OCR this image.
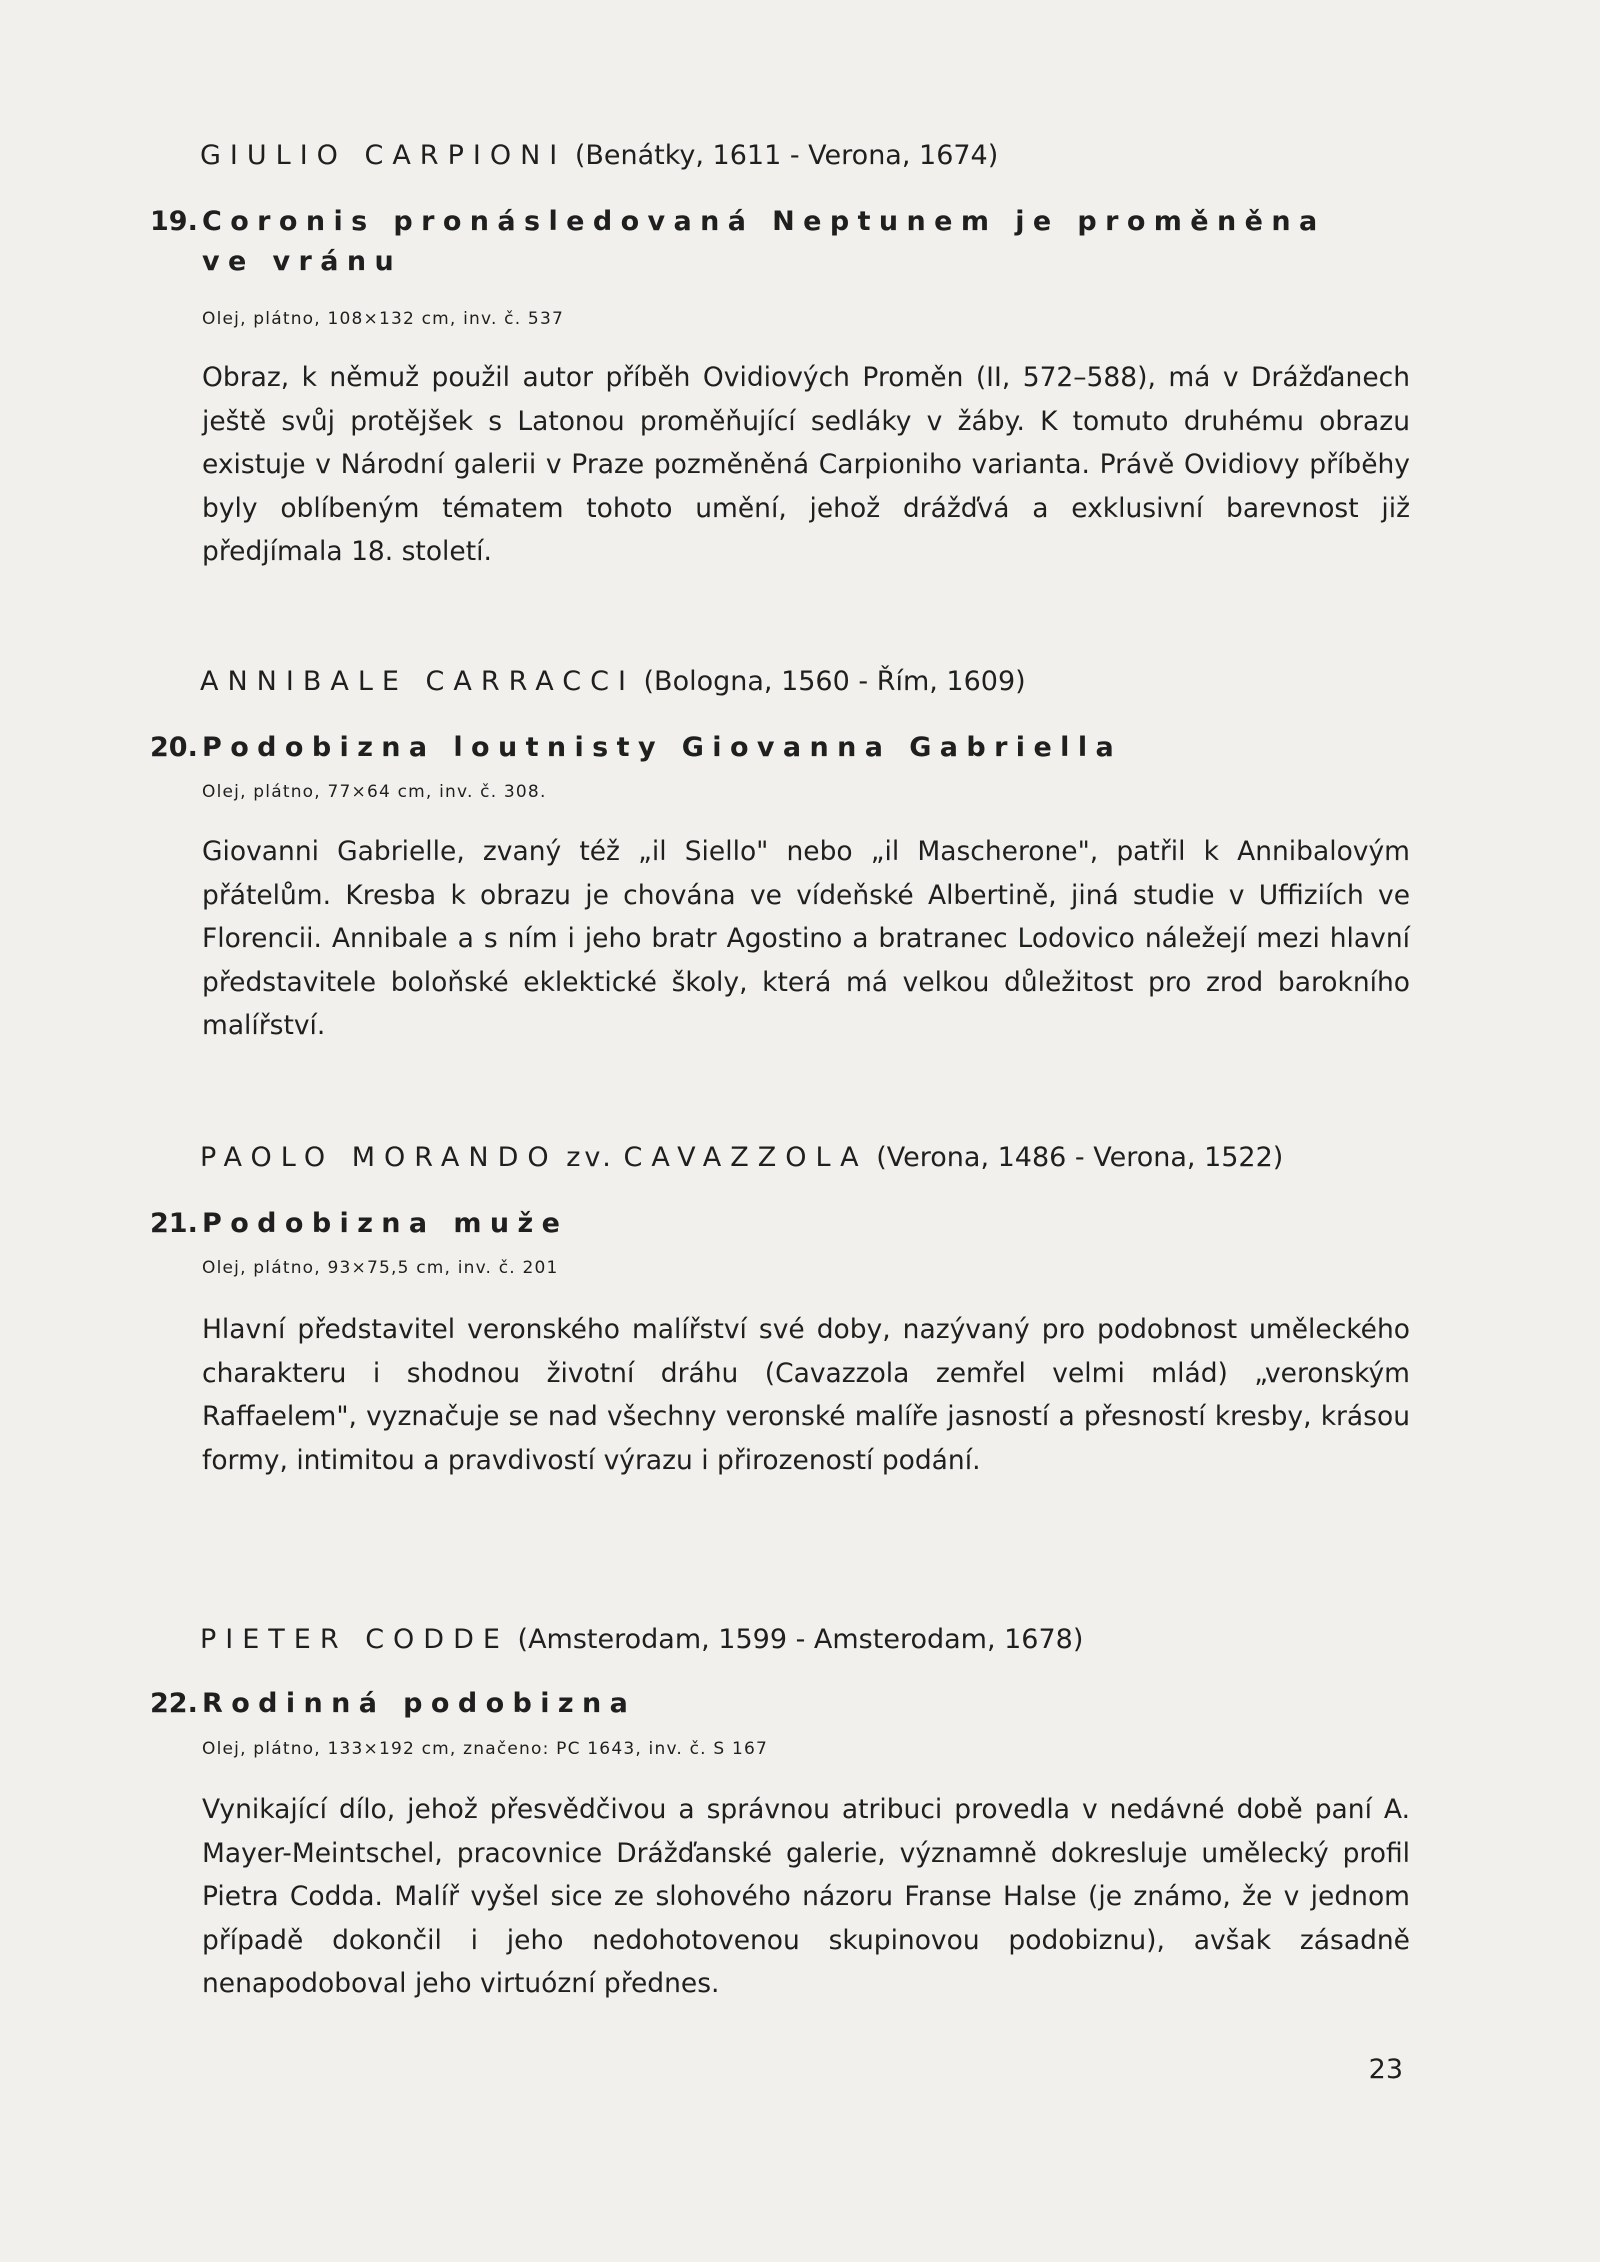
GIULIO CARPIONI (Benátky, 1611 - Verona, 1674)
19. Coronis pronásledovaná Neptunem je proměněna
ve vránu
Olej, plátno, 108×132 cm, inv. č. 537
Obraz, k němuž použil autor příběh Ovidiových Proměn (II, 572–588), má v Drážďanech ještě svůj protějšek s Latonou proměňující sedláky v žáby. K tomuto druhému obrazu existuje v Národní galerii v Praze pozměněná Carpioniho varianta. Právě Ovidiovy příběhy byly oblíbeným tématem tohoto umění, jehož drážďvá a exklusivní barevnost již předjímala 18. století.
ANNIBALE CARRACCI (Bologna, 1560 - Řím, 1609)
20. Podobizna loutnisty Giovanna Gabriella
Olej, plátno, 77×64 cm, inv. č. 308.
Giovanni Gabrielle, zvaný též „il Siello" nebo „il Mascherone", patřil k Annibalovým přátelům. Kresba k obrazu je chována ve vídeňské Albertině, jiná studie v Uffiziích ve Florencii. Annibale a s ním i jeho bratr Agostino a bratranec Lodovico náležejí mezi hlavní představitele boloňské eklektické školy, která má velkou důležitost pro zrod barokního malířství.
PAOLO MORANDO zv. CAVAZZOLA (Verona, 1486 - Verona, 1522)
21. Podobizna muže
Olej, plátno, 93×75,5 cm, inv. č. 201
Hlavní představitel veronského malířství své doby, nazývaný pro podobnost uměleckého charakteru i shodnou životní dráhu (Cavazzola zemřel velmi mlád) „veronským Raffaelem", vyznačuje se nad všechny veronské malíře jasností a přesností kresby, krásou formy, intimitou a pravdivostí výrazu i přirozeností podání.
PIETER CODDE (Amsterodam, 1599 - Amsterodam, 1678)
22. Rodinná podobizna
Olej, plátno, 133×192 cm, značeno: PC 1643, inv. č. S 167
Vynikající dílo, jehož přesvědčivou a správnou atribuci provedla v nedávné době paní A. Mayer-Meintschel, pracovnice Drážďanské galerie, významně dokresluje umělecký profil Pietra Codda. Malíř vyšel sice ze slohového názoru Franse Halse (je známo, že v jednom případě dokončil i jeho nedohotovenou skupinovou podobiznu), avšak zásadně nenapodoboval jeho virtuózní přednes.
23
